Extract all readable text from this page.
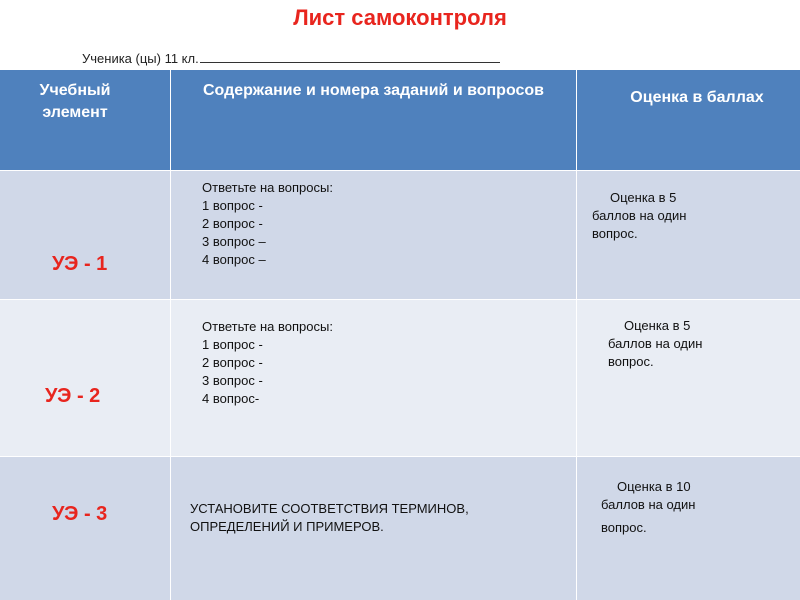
Лист самоконтроля
Ученика (цы) 11 кл.
Учебный элемент
Содержание и номера заданий и вопросов	Оценка в баллах
УЭ - 1
Ответьте на вопросы:
1 вопрос -
2 вопрос -
3 вопрос –
4 вопрос –
Оценка в 5
баллов на один
вопрос.
УЭ - 2
Ответьте на вопросы:
1 вопрос -
2 вопрос -
3 вопрос -
4 вопрос-
Оценка в 5
баллов на один
вопрос.
УЭ - 3	УСТАНОВИТЕ СООТВЕТСТВИЯ ТЕРМИНОВ,
ОПРЕДЕЛЕНИЙ И ПРИМЕРОВ.
Оценка в 10
баллов на один
вопрос.
